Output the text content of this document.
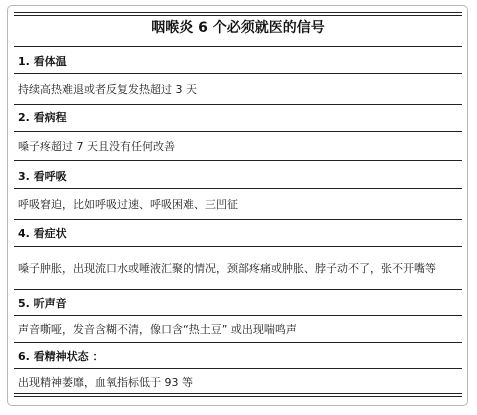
咽喉炎 6 个必须就医的信号
1. 看体温
持续高热难退或者反复发热超过 3 天
2. 看病程
嗓子疼超过 7 天且没有任何改善
3. 看呼吸
呼吸窘迫，比如呼吸过速、呼吸困难、三凹征
4. 看症状
嗓子肿胀，出现流口水或唾液汇聚的情况，颈部疼痛或肿胀、脖子动不了，张不开嘴等
5. 听声音
声音嘶哑，发音含糊不清，像口含“热土豆” 或出现喘鸣声
6. 看精神状态 ：
出现精神萎靡，血氧指标低于 93 等
